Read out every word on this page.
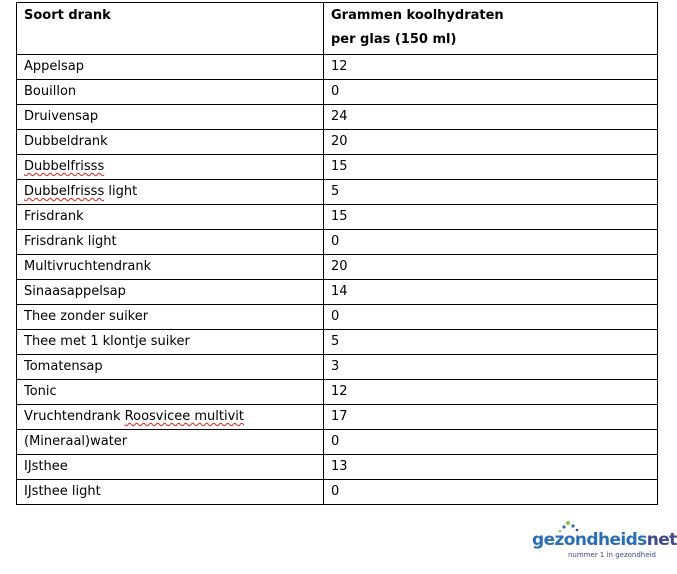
Soort drank	Grammen koolhydraten
per glas (150 ml)

Appelsap	12
Bouillon	0
Druivensap	24
Dubbeldrank	20
Dubbelfrisss	15
Dubbelfrisss light	5
Frisdrank	15
Frisdrank light	0
Multivruchtendrank	20
Sinaasappelsap	14
Thee zonder suiker	0
Thee met 1 klontje suiker	5
Tomatensap	3
Tonic	12
Vruchtendrank Roosvicee multivit	17
(Mineraal)water	0
IJsthee	13
IJsthee light	0
gezondheidsnet
nummer 1 in gezondheid
